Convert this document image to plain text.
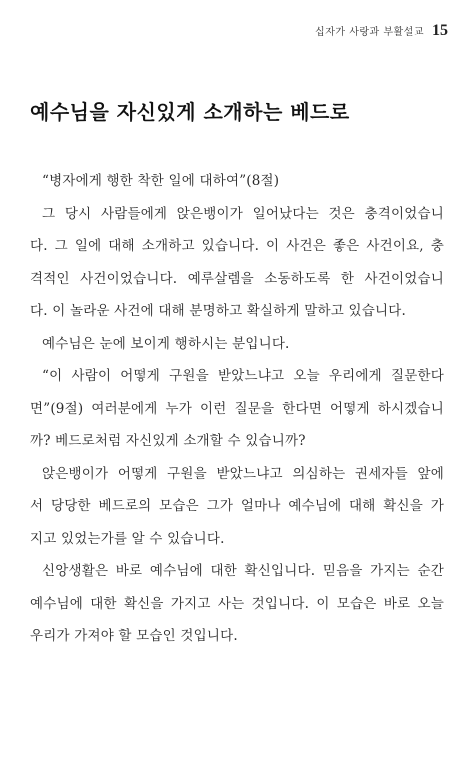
십자가 사랑과 부활설교 15
예수님을 자신있게 소개하는 베드로
“병자에게 행한 착한 일에 대하여”(8절)
그 당시 사람들에게 앉은뱅이가 일어났다는 것은 충격이었습니
다. 그 일에 대해 소개하고 있습니다. 이 사건은 좋은 사건이요, 충
격적인 사건이었습니다. 예루살렘을 소동하도록 한 사건이었습니
다. 이 놀라운 사건에 대해 분명하고 확실하게 말하고 있습니다.
예수님은 눈에 보이게 행하시는 분입니다.
“이 사람이 어떻게 구원을 받았느냐고 오늘 우리에게 질문한다
면”(9절) 여러분에게 누가 이런 질문을 한다면 어떻게 하시겠습니
까? 베드로처럼 자신있게 소개할 수 있습니까?
앉은뱅이가 어떻게 구원을 받았느냐고 의심하는 권세자들 앞에
서 당당한 베드로의 모습은 그가 얼마나 예수님에 대해 확신을 가
지고 있었는가를 알 수 있습니다.
신앙생활은 바로 예수님에 대한 확신입니다. 믿음을 가지는 순간
예수님에 대한 확신을 가지고 사는 것입니다. 이 모습은 바로 오늘
우리가 가져야 할 모습인 것입니다.
